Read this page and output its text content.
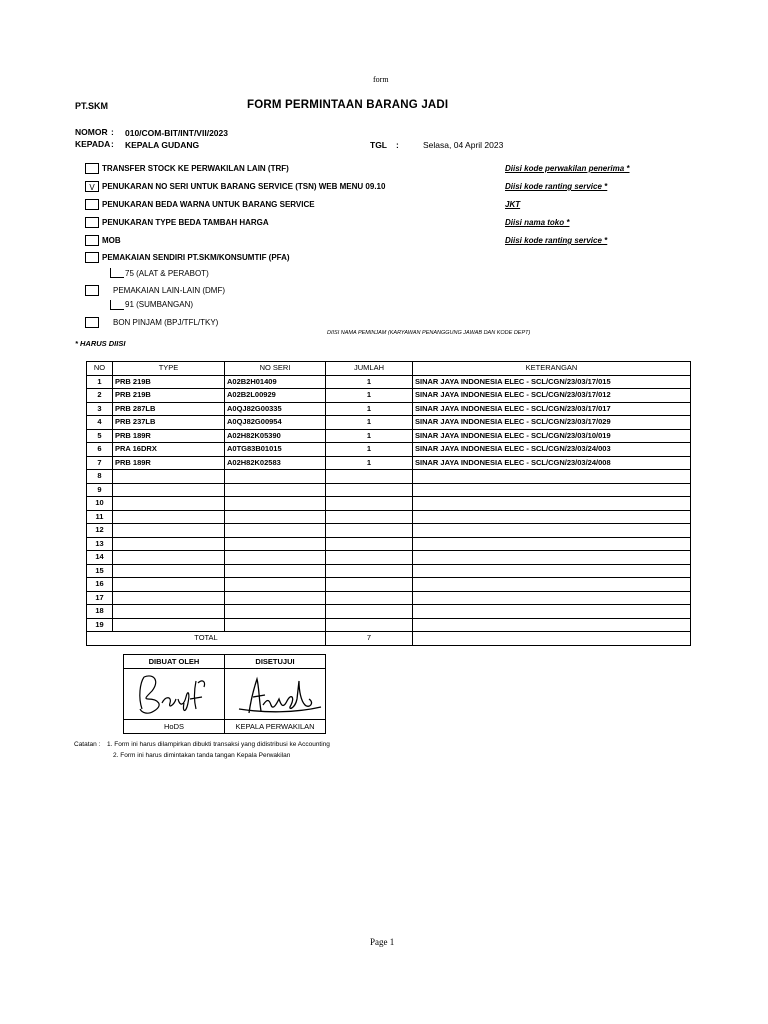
form
PT.SKM	FORM PERMINTAAN BARANG JADI
NOMOR : 010/COM-BIT/INT/VII/2023
KEPADA : KEPALA GUDANG	TGL :	Selasa, 04 April 2023
TRANSFER STOCK KE PERWAKILAN LAIN (TRF)	Diisi kode perwakilan penerima *
V PENUKARAN NO SERI UNTUK BARANG SERVICE (TSN) WEB MENU 09.10	Diisi kode ranting service *
PENUKARAN BEDA WARNA UNTUK BARANG SERVICE	JKT
PENUKARAN TYPE BEDA TAMBAH HARGA	Diisi nama toko *
MOB	Diisi kode ranting service *
PEMAKAIAN SENDIRI PT.SKM/KONSUMTIF (PFA)
75 (ALAT & PERABOT)
PEMAKAIAN LAIN-LAIN (DMF)
91 (SUMBANGAN)
BON PINJAM (BPJ/TFL/TKY)
DIISI NAMA PEMINJAM (KARYAWAN PENANGGUNG JAWAB DAN KODE DEPT)
* HARUS DIISI
NO	TYPE	NO SERI	JUMLAH	KETERANGAN
1	PRB 219B	A02B2H01409	1	SINAR JAYA INDONESIA ELEC - SCL/CGN/23/03/17/015
2	PRB 219B	A02B2L00929	1	SINAR JAYA INDONESIA ELEC - SCL/CGN/23/03/17/012
3	PRB 287LB	A0QJ82G00335	1	SINAR JAYA INDONESIA ELEC - SCL/CGN/23/03/17/017
4	PRB 237LB	A0QJ82G00954	1	SINAR JAYA INDONESIA ELEC - SCL/CGN/23/03/17/029
5	PRB 189R	A02H82K05390	1	SINAR JAYA INDONESIA ELEC - SCL/CGN/23/03/10/019
6	PRA 16DRX	A0TG83B01015	1	SINAR JAYA INDONESIA ELEC - SCL/CGN/23/03/24/003
7	PRB 189R	A02H82K02583	1	SINAR JAYA INDONESIA ELEC - SCL/CGN/23/03/24/008
8				
9				
10				
11				
12				
13				
14				
15				
16				
17				
18				
19				
TOTAL			7	
DIBUAT OLEH	DISETUJUI

HoDS	KEPALA PERWAKILAN
Catatan : 1. Form ini harus dilampirkan dibukti transaksi yang didistribusi ke Accounting
2. Form ini harus dimintakan tanda tangan Kepala Perwakilan
Page 1
